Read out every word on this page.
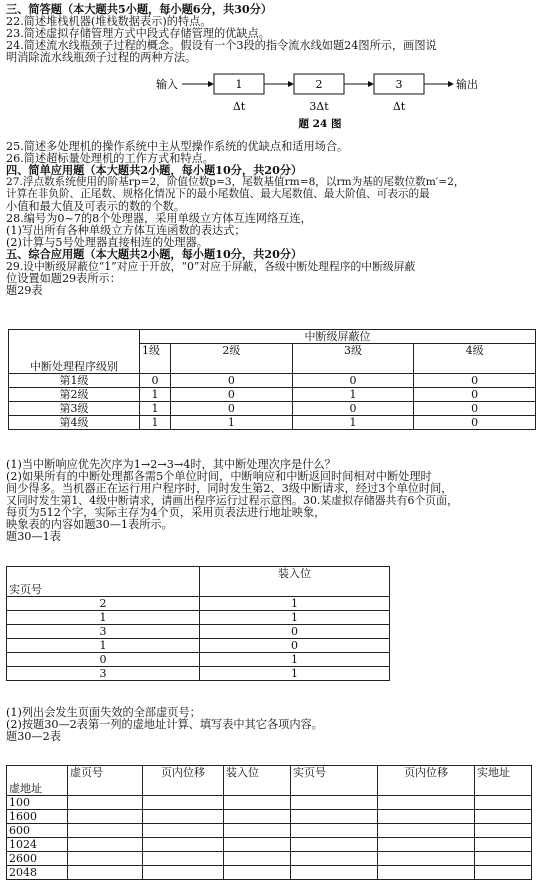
三、简答题（本大题共5小题，每小题6分，共30分）
22.简述堆栈机器(堆栈数据表示)的特点。
23.简述虚拟存储管理方式中段式存储管理的优缺点。
24.简述流水线瓶颈子过程的概念。假设有一个3段的指令流水线如题24图所示，画图说
明消除流水线瓶颈子过程的两种方法。
输入	1	2	3	输出
Δt	3Δt	Δt
题 24 图
25.简述多处理机的操作系统中主从型操作系统的优缺点和适用场合。
26.简述超标量处理机的工作方式和特点。
四、简单应用题（本大题共2小题，每小题10分，共20分）
27.浮点数系统使用的阶基rp=2，阶值位数p=3，尾数基值rm=8，以rm为基的尾数位数m′=2，
计算在非负阶、正尾数、规格化情况下的最小尾数值、最大尾数值、最大阶值、可表示的最
小值和最大值及可表示的数的个数。
28.编号为0~7的8个处理器，采用单级立方体互连网络互连，
(1)写出所有各种单级立方体互连函数的表达式；
(2)计算与5号处理器直接相连的处理器。
五、综合应用题（本大题共2小题，每小题10分，共20分）
29.设中断级屏蔽位“1”对应于开放，“0”对应于屏蔽，各级中断处理程序的中断级屏蔽
位设置如题29表所示：
题29表
中断处理程序级别	中断级屏蔽位			
	1级	2级	3级	4级
第1级	0	0	0	0
第2级	1	0	1	0
第3级	1	0	0	0
第4级	1	1	1	0
(1)当中断响应优先次序为1→2→3→4时，其中断处理次序是什么？
(2)如果所有的中断处理都各需5个单位时间，中断响应和中断返回时间相对中断处理时
间少得多。当机器正在运行用户程序时，同时发生第2、3级中断请求，经过3个单位时间，
又同时发生第1、4级中断请求，请画出程序运行过程示意图。30.某虚拟存储器共有6个页面，
每页为512个字，实际主存为4个页，采用页表法进行地址映象，
映象表的内容如题30—1表所示。
题30—1表
实页号	装入位
2	1
1	1
3	0
1	0
0	1
3	1
(1)列出会发生页面失效的全部虚页号；
(2)按题30—2表第一列的虚地址计算、填写表中其它各项内容。
题30—2表
虚地址	虚页号	页内位移	装入位	实页号	页内位移	实地址
100						
1600						
600						
1024						
2600						
2048						
